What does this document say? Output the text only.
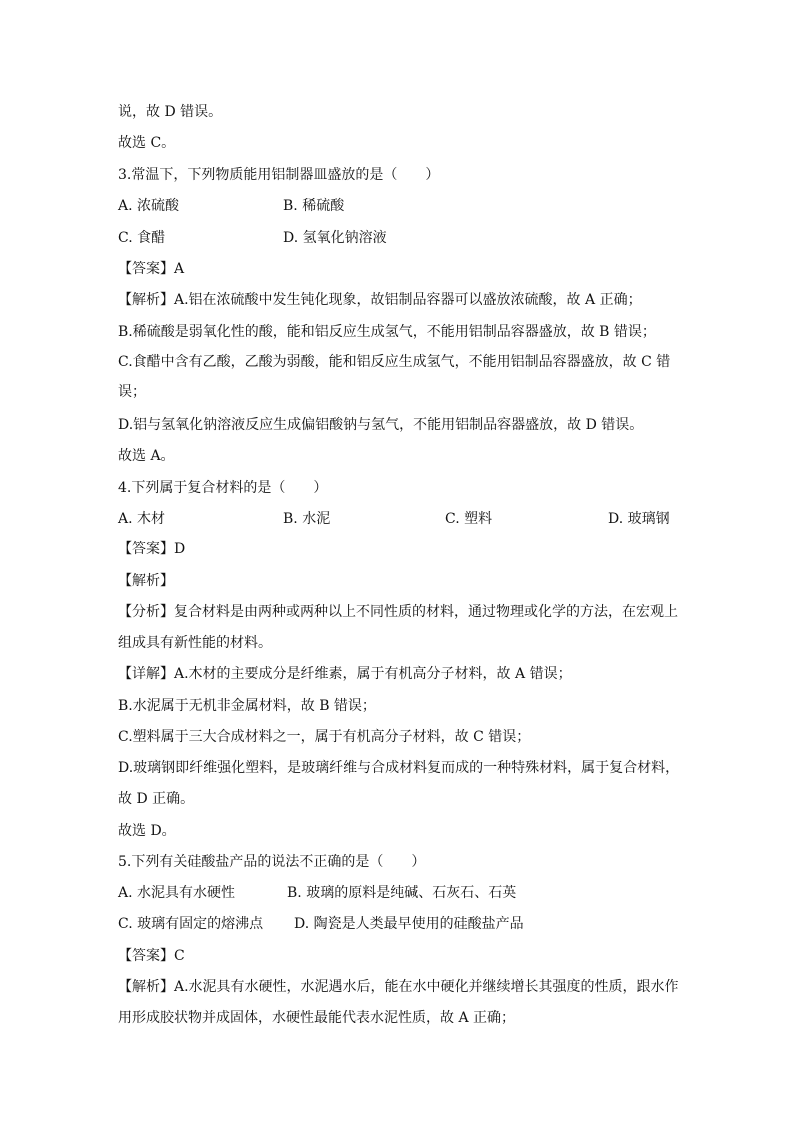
说，故 D 错误。
故选 C。
3.常温下，下列物质能用铝制器皿盛放的是（　　）
A. 浓硫酸	B. 稀硫酸
C. 食醋	D. 氢氧化钠溶液
【答案】A
【解析】A.铝在浓硫酸中发生钝化现象，故铝制品容器可以盛放浓硫酸，故 A 正确；
B.稀硫酸是弱氧化性的酸，能和铝反应生成氢气，不能用铝制品容器盛放，故 B 错误；
C.食醋中含有乙酸，乙酸为弱酸，能和铝反应生成氢气，不能用铝制品容器盛放，故 C 错
误；
D.铝与氢氧化钠溶液反应生成偏铝酸钠与氢气，不能用铝制品容器盛放，故 D 错误。
故选 A。
4.下列属于复合材料的是（　　）
A. 木材	B. 水泥	C. 塑料	D. 玻璃钢
【答案】D
【解析】
【分析】复合材料是由两种或两种以上不同性质的材料，通过物理或化学的方法，在宏观上
组成具有新性能的材料。
【详解】A.木材的主要成分是纤维素，属于有机高分子材料，故 A 错误；
B.水泥属于无机非金属材料，故 B 错误；
C.塑料属于三大合成材料之一，属于有机高分子材料，故 C 错误；
D.玻璃钢即纤维强化塑料，是玻璃纤维与合成材料复而成的一种特殊材料，属于复合材料，
故 D 正确。
故选 D。
5.下列有关硅酸盐产品的说法不正确的是（　　）
A. 水泥具有水硬性	B. 玻璃的原料是纯碱、石灰石、石英
C. 玻璃有固定的熔沸点 D. 陶瓷是人类最早使用的硅酸盐产品
【答案】C
【解析】A.水泥具有水硬性，水泥遇水后，能在水中硬化并继续增长其强度的性质，跟水作
用形成胶状物并成固体，水硬性最能代表水泥性质，故 A 正确；
